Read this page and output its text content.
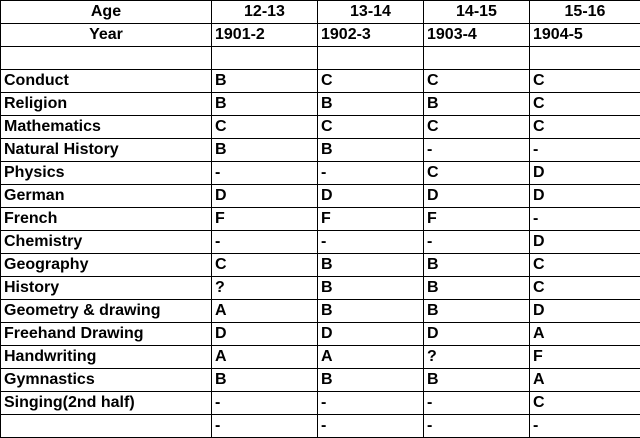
Age	12-13	13-14	14-15	15-16
Year	1901-2	1902-3	1903-4	1904-5

Conduct	B	C	C	C
Religion	B	B	B	C
Mathematics	C	C	C	C
Natural History	B	B	-	-
Physics	-	-	C	D
German	D	D	D	D
French	F	F	F	-
Chemistry	-	-	-	D
Geography	C	B	B	C
History	?	B	B	C
Geometry & drawing	A	B	B	D
Freehand Drawing	D	D	D	A
Handwriting	A	A	?	F
Gymnastics	B	B	B	A
Singing(2nd half)	-	-	-	C
	-	-	-	-
